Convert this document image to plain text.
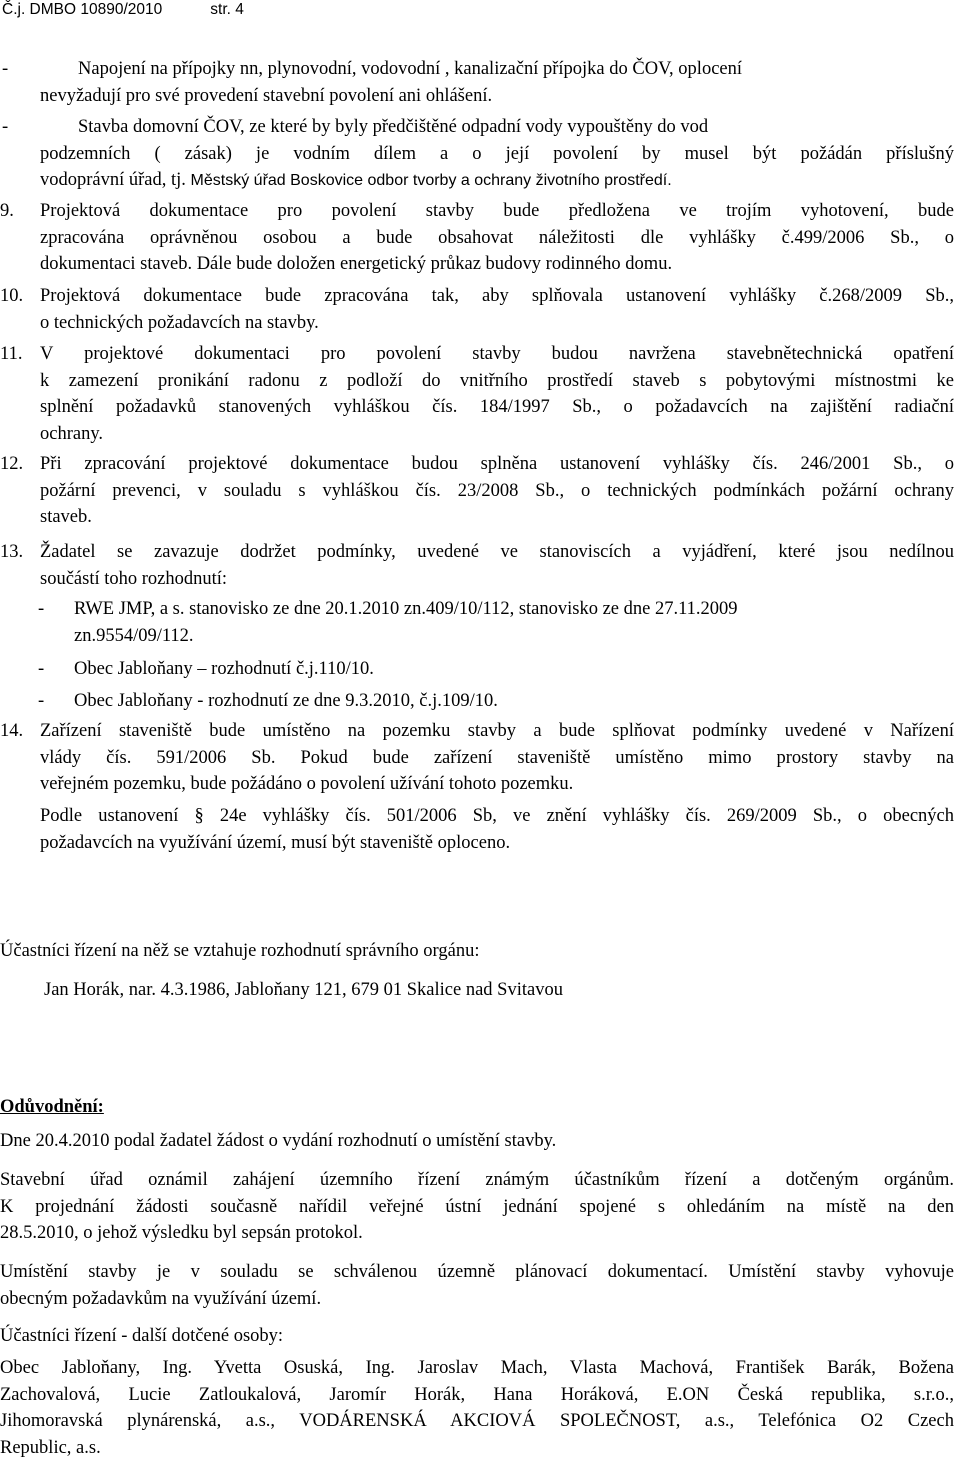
Č.j. DMBO 10890/2010	str. 4
-	Napojení na přípojky nn, plynovodní, vodovodní , kanalizační přípojka do ČOV, oplocení
nevyžadují pro své provedení stavební povolení ani ohlášení.
-	Stavba domovní ČOV, ze které by byly předčištěné odpadní vody vypouštěny do vod
podzemních ( zásak) je vodním dílem a o její povolení by musel být požádán příslušný
vodoprávní úřad, tj. Městský úřad Boskovice odbor tvorby a ochrany životního prostředí.
9.	Projektová dokumentace pro povolení stavby bude předložena ve trojím vyhotovení, bude
zpracována oprávněnou osobou a bude obsahovat náležitosti dle vyhlášky č.499/2006 Sb., o
dokumentaci staveb. Dále bude doložen energetický průkaz budovy rodinného domu.
10. Projektová dokumentace bude zpracována tak, aby splňovala ustanovení vyhlášky č.268/2009 Sb.,
o technických požadavcích na stavby.
11. V projektové dokumentaci pro povolení stavby budou navržena stavebnětechnická opatření
k zamezení pronikání radonu z podloží do vnitřního prostředí staveb s pobytovými místnostmi ke
splnění požadavků stanovených vyhláškou čís. 184/1997 Sb., o požadavcích na zajištění radiační
ochrany.
12. Při zpracování projektové dokumentace budou splněna ustanovení vyhlášky čís. 246/2001 Sb., o
požární prevenci, v souladu s vyhláškou čís. 23/2008 Sb., o technických podmínkách požární ochrany
staveb.
13. Žadatel se zavazuje dodržet podmínky, uvedené ve stanoviscích a vyjádření, které jsou nedílnou
součástí toho rozhodnutí:
-	RWE JMP, a s. stanovisko ze dne 20.1.2010 zn.409/10/112, stanovisko ze dne 27.11.2009
zn.9554/09/112.
-	Obec Jabloňany – rozhodnutí č.j.110/10.
-	Obec Jabloňany - rozhodnutí ze dne 9.3.2010, č.j.109/10.
14. Zařízení staveniště bude umístěno na pozemku stavby a bude splňovat podmínky uvedené v Nařízení
vlády čís. 591/2006 Sb. Pokud bude zařízení staveniště umístěno mimo prostory stavby na
veřejném pozemku, bude požádáno o povolení užívání tohoto pozemku.
Podle ustanovení § 24e vyhlášky čís. 501/2006 Sb, ve znění vyhlášky čís. 269/2009 Sb., o obecných
požadavcích na využívání území, musí být staveniště oploceno.
Účastníci řízení na něž se vztahuje rozhodnutí správního orgánu:
Jan Horák, nar. 4.3.1986, Jabloňany 121, 679 01 Skalice nad Svitavou
Odůvodnění:
Dne 20.4.2010 podal žadatel žádost o vydání rozhodnutí o umístění stavby.
Stavební úřad oznámil zahájení územního řízení známým účastníkům řízení a dotčeným orgánům.
K projednání žádosti současně nařídil veřejné ústní jednání spojené s ohledáním na místě na den
28.5.2010, o jehož výsledku byl sepsán protokol.
Umístění stavby je v souladu se schválenou územně plánovací dokumentací. Umístění stavby vyhovuje
obecným požadavkům na využívání území.
Účastníci řízení - další dotčené osoby:
Obec Jabloňany, Ing. Yvetta Osuská, Ing. Jaroslav Mach, Vlasta Machová, František Barák, Božena
Zachovalová, Lucie Zatloukalová, Jaromír Horák, Hana Horáková, E.ON Česká republika, s.r.o.,
Jihomoravská plynárenská, a.s., VODÁRENSKÁ AKCIOVÁ SPOLEČNOST, a.s., Telefónica O2 Czech
Republic, a.s.
